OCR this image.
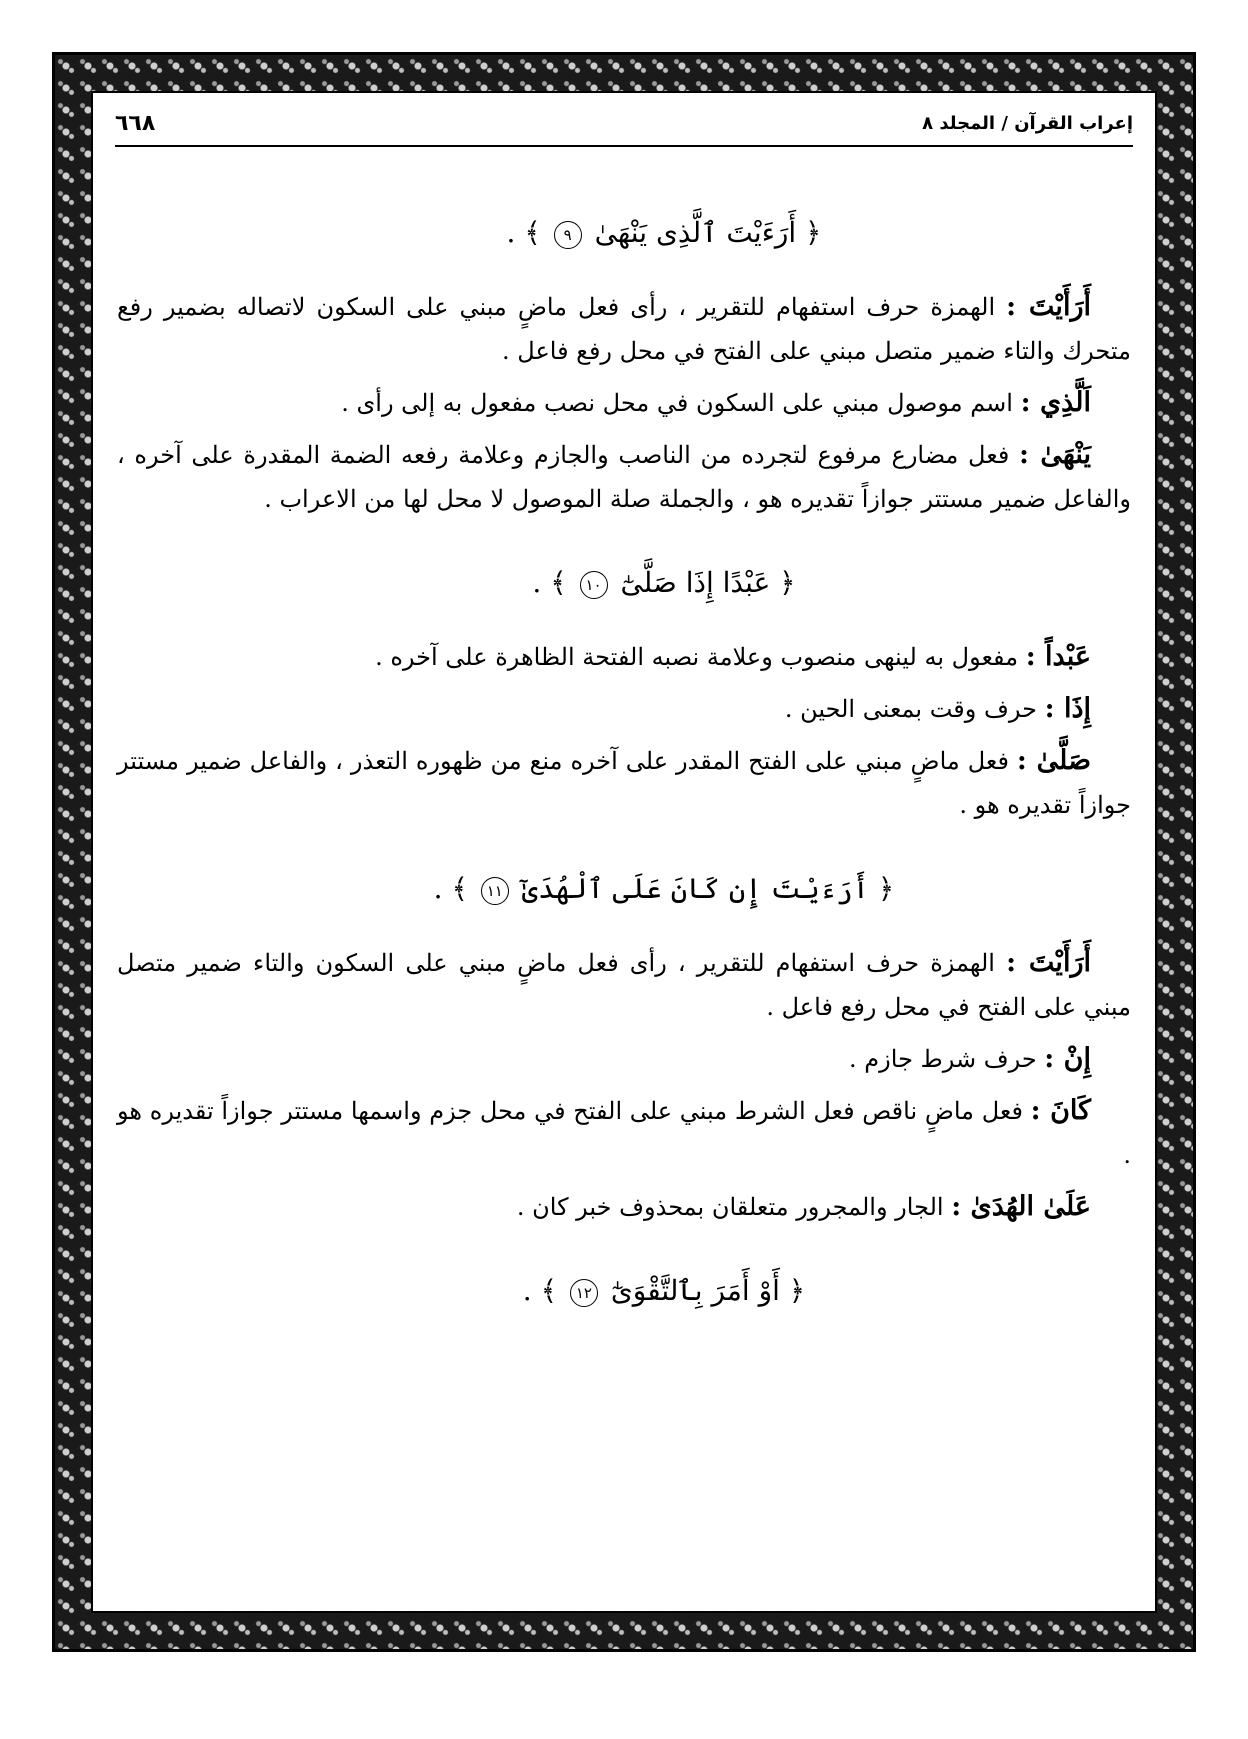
٦٦٨	إعراب القرآن / المجلد ٨
﴿ أَرَءَيْتَ ٱلَّذِى يَنْهَىٰ ٩ ﴾ .

أَرَأَيْتَ : الهمزة حرف استفهام للتقرير ، رأى فعل ماضٍ مبني على السكون لاتصاله بضمير رفع متحرك والتاء ضمير متصل مبني على الفتح في محل رفع فاعل .

اَلَّذِي : اسم موصول مبني على السكون في محل نصب مفعول به إلى رأى .

يَنْهَىٰ : فعل مضارع مرفوع لتجرده من الناصب والجازم وعلامة رفعه الضمة المقدرة على آخره ، والفاعل ضمير مستتر جوازاً تقديره هو ، والجملة صلة الموصول لا محل لها من الاعراب .

﴿ عَبْدًا إِذَا صَلَّىٰٓ ١٠ ﴾ .

عَبْداً : مفعول به لينهى منصوب وعلامة نصبه الفتحة الظاهرة على آخره .

إِذَا : حرف وقت بمعنى الحين .

صَلَّىٰ : فعل ماضٍ مبني على الفتح المقدر على آخره منع من ظهوره التعذر ، والفاعل ضمير مستتر جوازاً تقديره هو .

﴿ أَرَءَيْتَ إِن كَانَ عَلَى ٱلْهُدَىٰٓ ١١ ﴾ .

أَرَأَيْتَ : الهمزة حرف استفهام للتقرير ، رأى فعل ماضٍ مبني على السكون والتاء ضمير متصل مبني على الفتح في محل رفع فاعل .

إِنْ : حرف شرط جازم .

كَانَ : فعل ماضٍ ناقص فعل الشرط مبني على الفتح في محل جزم واسمها مستتر جوازاً تقديره هو .

عَلَىٰ الهُدَىٰ : الجار والمجرور متعلقان بمحذوف خبر كان .

﴿ أَوْ أَمَرَ بِٱلتَّقْوَىٰٓ ١٢ ﴾ .
